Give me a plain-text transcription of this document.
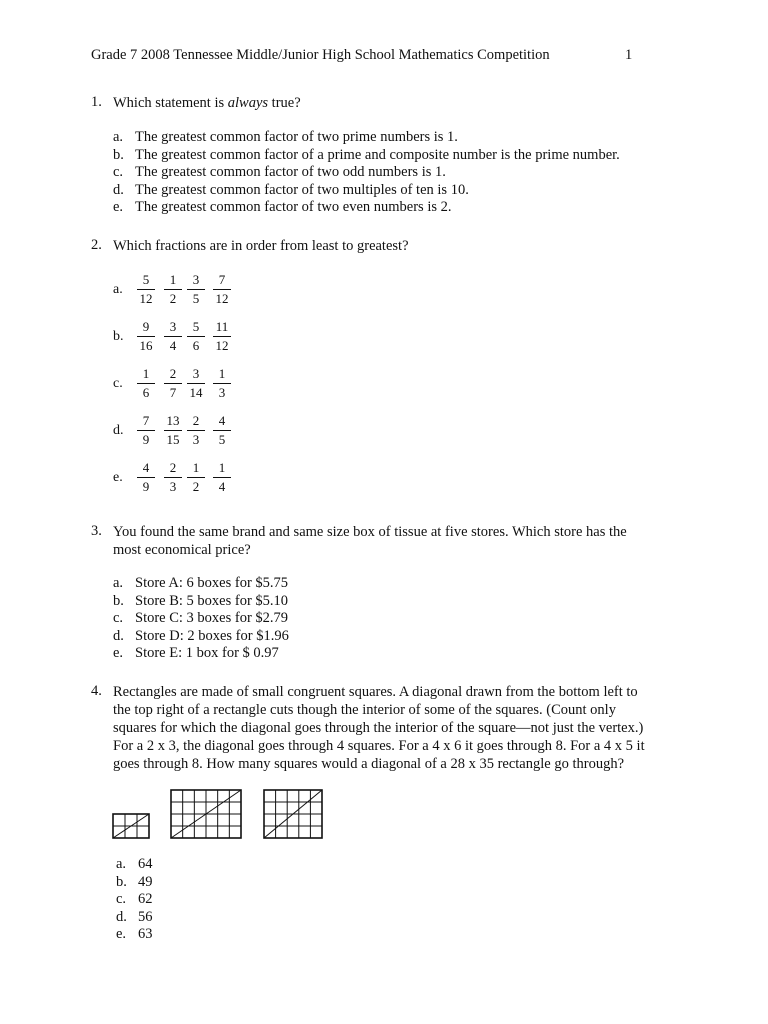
Grade 7 2008 Tennessee Middle/Junior High School Mathematics Competition	1
1. Which statement is always true?
a. The greatest common factor of two prime numbers is 1.
b. The greatest common factor of a prime and composite number is the prime number.
c. The greatest common factor of two odd numbers is 1.
d. The greatest common factor of two multiples of ten is 10.
e. The greatest common factor of two even numbers is 2.
2. Which fractions are in order from least to greatest?
a.
5
12
1
2
3
5
7
12
b.
9
16
3
4
5
6
11
12
c.
1
6
2
7
3
14
1
3
d.
7
9
13
15
2
3
4
5
e.
4
9
2
3
1
2
1
4
3. You found the same brand and same size box of tissue at five stores. Which store has the
most economical price?
a. Store A: 6 boxes for $5.75
b. Store B: 5 boxes for $5.10
c. Store C: 3 boxes for $2.79
d. Store D: 2 boxes for $1.96
e. Store E: 1 box for $ 0.97
4. Rectangles are made of small congruent squares. A diagonal drawn from the bottom left to
the top right of a rectangle cuts though the interior of some of the squares. (Count only
squares for which the diagonal goes through the interior of the square—not just the vertex.)
For a 2 x 3, the diagonal goes through 4 squares. For a 4 x 6 it goes through 8. For a 4 x 5 it
goes through 8. How many squares would a diagonal of a 28 x 35 rectangle go through?
a. 64
b. 49
c. 62
d. 56
e. 63
